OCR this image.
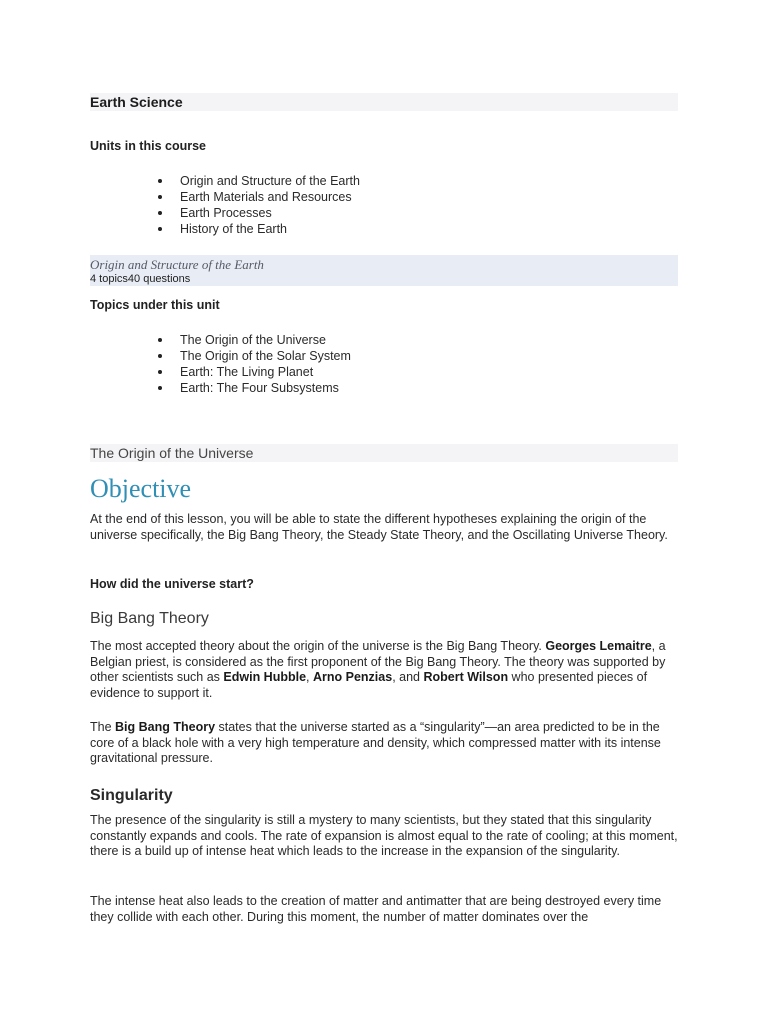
Earth Science
Units in this course
Origin and Structure of the Earth
Earth Materials and Resources
Earth Processes
History of the Earth
Origin and Structure of the Earth
4 topics40 questions
Topics under this unit
The Origin of the Universe
The Origin of the Solar System
Earth: The Living Planet
Earth: The Four Subsystems
The Origin of the Universe
Objective
At the end of this lesson, you will be able to state the different hypotheses explaining the origin of the universe specifically, the Big Bang Theory, the Steady State Theory, and the Oscillating Universe Theory.
How did the universe start?
Big Bang Theory
The most accepted theory about the origin of the universe is the Big Bang Theory. Georges Lemaitre, a Belgian priest, is considered as the first proponent of the Big Bang Theory. The theory was supported by other scientists such as Edwin Hubble, Arno Penzias, and Robert Wilson who presented pieces of evidence to support it.
The Big Bang Theory states that the universe started as a “singularity”—an area predicted to be in the core of a black hole with a very high temperature and density, which compressed matter with its intense gravitational pressure.
Singularity
The presence of the singularity is still a mystery to many scientists, but they stated that this singularity constantly expands and cools. The rate of expansion is almost equal to the rate of cooling; at this moment, there is a build up of intense heat which leads to the increase in the expansion of the singularity.
The intense heat also leads to the creation of matter and antimatter that are being destroyed every time they collide with each other. During this moment, the number of matter dominates over the
